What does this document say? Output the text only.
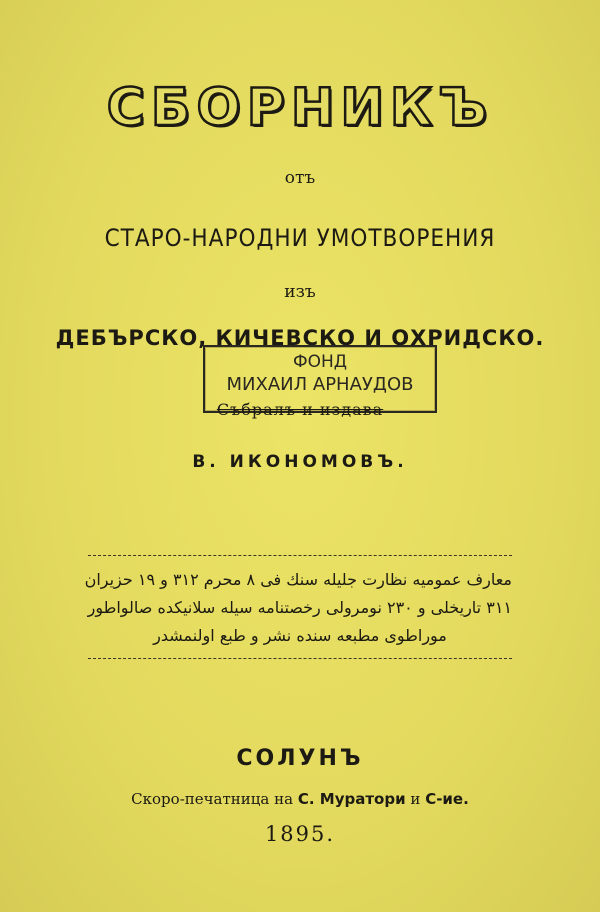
СБОРНИКЪ
отъ
СТАРО-НАРОДНИ УМОТВОРЕНИЯ
изъ
ДЕБЪРСКО, КИЧЕВСКО И ОХРИДСКО.
ФОНД
МИХАИЛ АРНАУДОВ
Събралъ и издава
В. ИКОНОМОВЪ.
معارف عموميه نظارت جليله سنك فى ٨ محرم ٣١٢ و ١٩ حزيران
٣١١ تاريخلى و ٢٣٠ نومرولى رخصتنامه سيله سلانيكده صالواطور
موراطوى مطبعه سنده نشر و طبع اولنمشدر
СОЛУНЪ
Скоро-печатница на С. Муратори и С-ие.
1895.
